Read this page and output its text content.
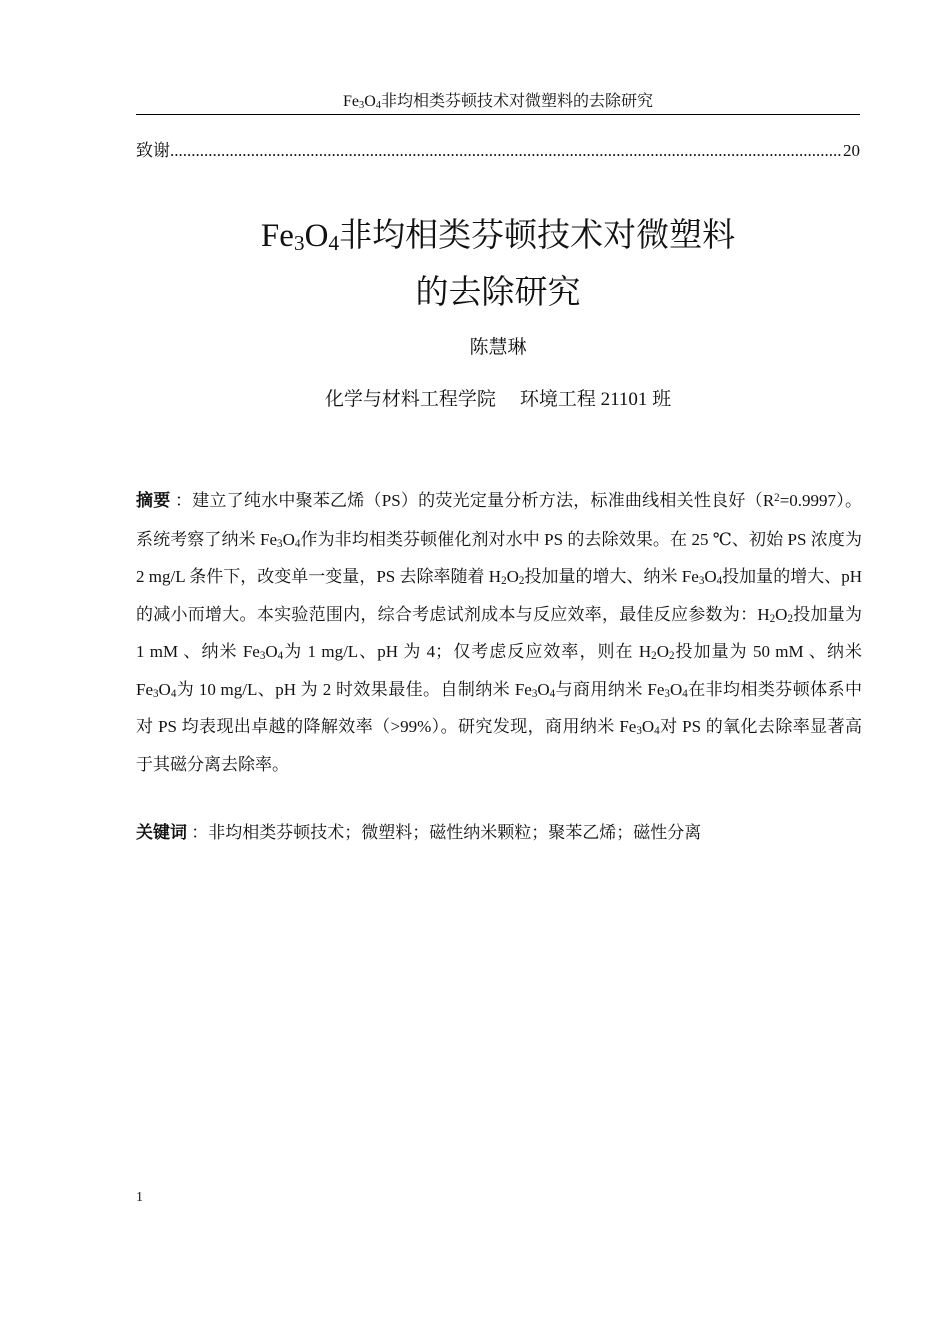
$Fe_3O_4$非均相类芬顿技术对微塑料的去除研究
致谢 .............................................................................................................................................................. 20
$Fe_3O_4$非均相类芬顿技术对微塑料
的去除研究
陈慧琳
化学与材料工程学院 环境工程 21101 班
摘要 ：建立了纯水中聚苯乙烯（PS）的荧光定量分析方法，标准曲线相关性良好$(R^2=0.9997)$。系统考察了纳米 $Fe_3O_4$作为非均相类芬顿催化剂对水中 PS 的去除效果。在 25 ℃、初始 PS 浓度为 2 mg/L 条件下，改变单一变量，PS 去除率随着 $H_2O_2$投加量的增大、纳米 $Fe_3O_4$投加量的增大、pH 的减小而增大。本实验范围内，综合考虑试剂成本与反应效率，最佳反应参数为：$H_2O_2$投加量为 1 mM 、纳米 $Fe_3O_4$为 1 mg/L、pH 为 4；仅考虑反应效率，则在 $H_2O_2$投加量为 50 mM 、纳米 $Fe_3O_4$为 10 mg/L、pH 为 2 时效果最佳。自制纳米 $Fe_3O_4$与商用纳米 $Fe_3O_4$在非均相类芬顿体系中对 PS 均表现出卓越的降解效率（>99%）。研究发现，商用纳米 $Fe_3O_4$对 PS 的氧化去除率显著高于其磁分离去除率。
关键词 ：非均相类芬顿技术；微塑料；磁性纳米颗粒；聚苯乙烯；磁性分离
1
